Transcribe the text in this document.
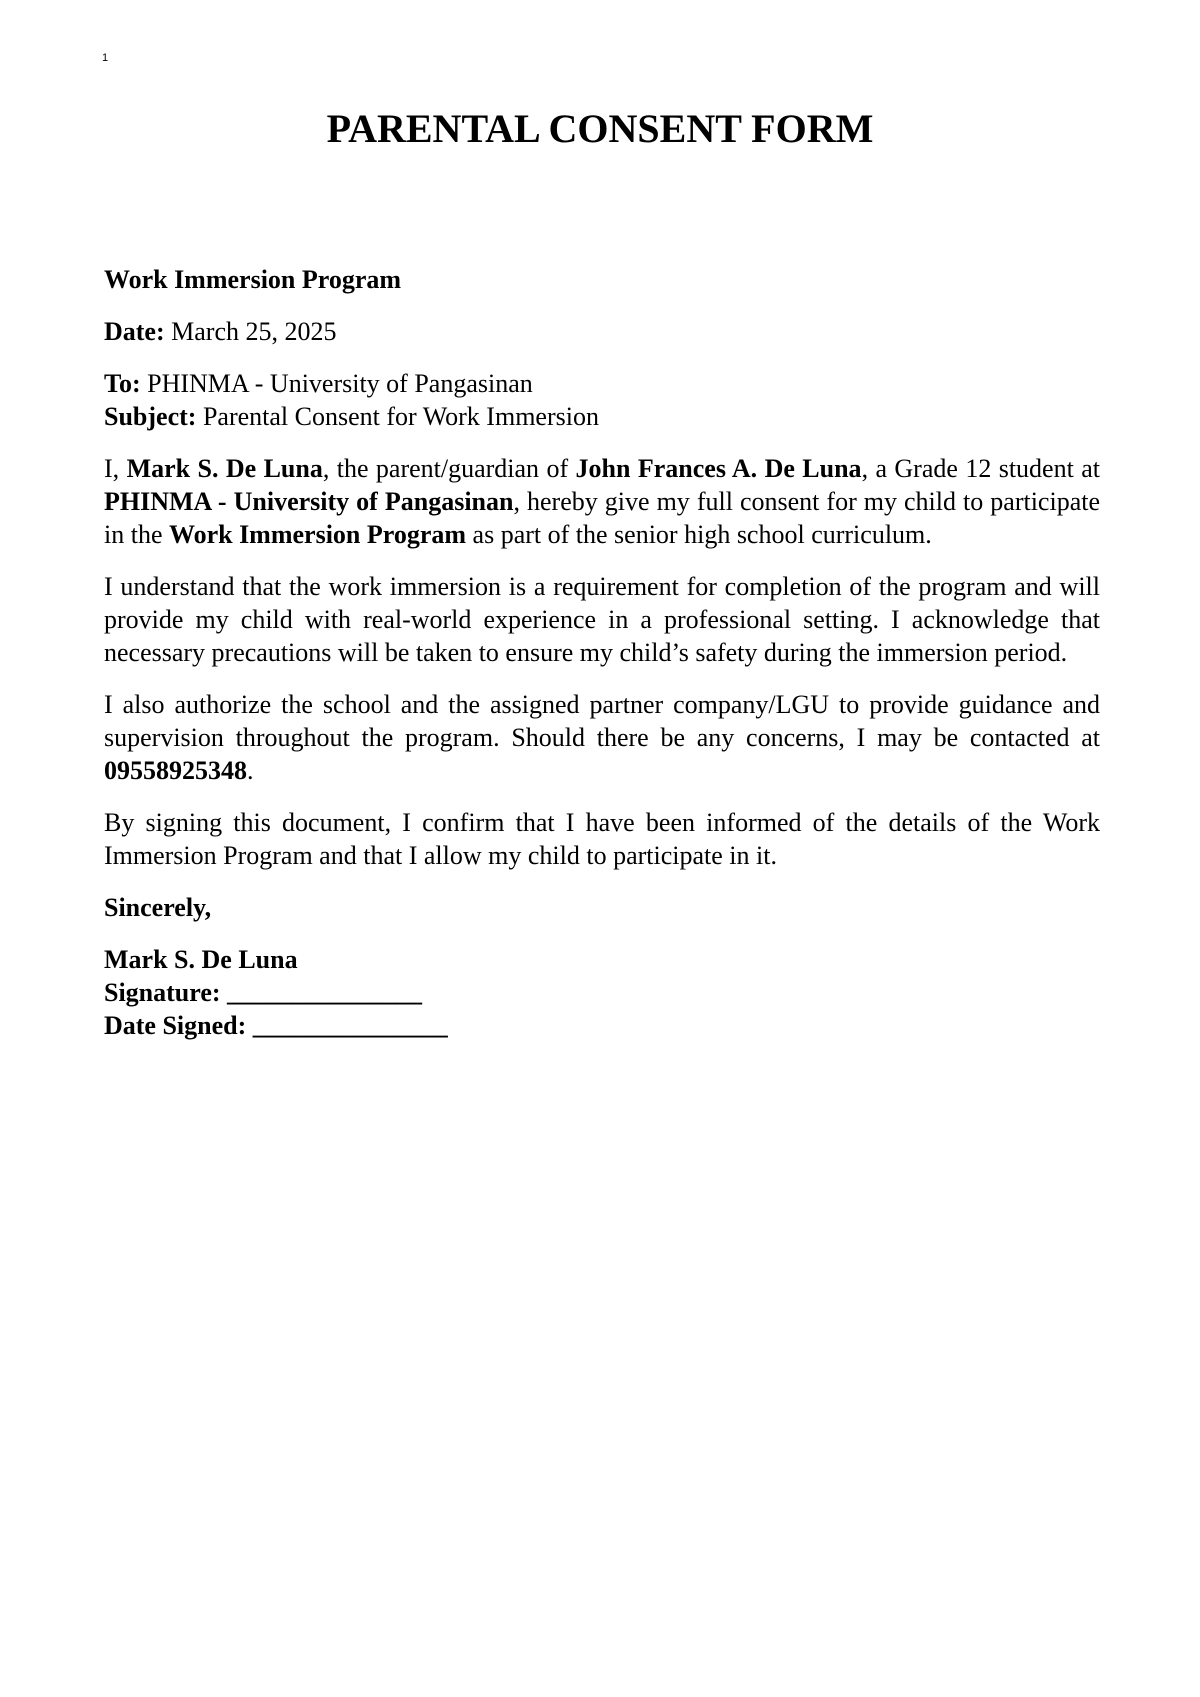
1
PARENTAL CONSENT FORM

Work Immersion Program

Date: March 25, 2025

To: PHINMA - University of Pangasinan
Subject: Parental Consent for Work Immersion

I, Mark S. De Luna, the parent/guardian of John Frances A. De Luna, a Grade 12 student at PHINMA - University of Pangasinan, hereby give my full consent for my child to participate in the Work Immersion Program as part of the senior high school curriculum.

I understand that the work immersion is a requirement for completion of the program and will provide my child with real-world experience in a professional setting. I acknowledge that necessary precautions will be taken to ensure my child’s safety during the immersion period.

I also authorize the school and the assigned partner company/LGU to provide guidance and supervision throughout the program. Should there be any concerns, I may be contacted at 09558925348.

By signing this document, I confirm that I have been informed of the details of the Work Immersion Program and that I allow my child to participate in it.

Sincerely,

Mark S. De Luna
Signature: _______________
Date Signed: _______________
